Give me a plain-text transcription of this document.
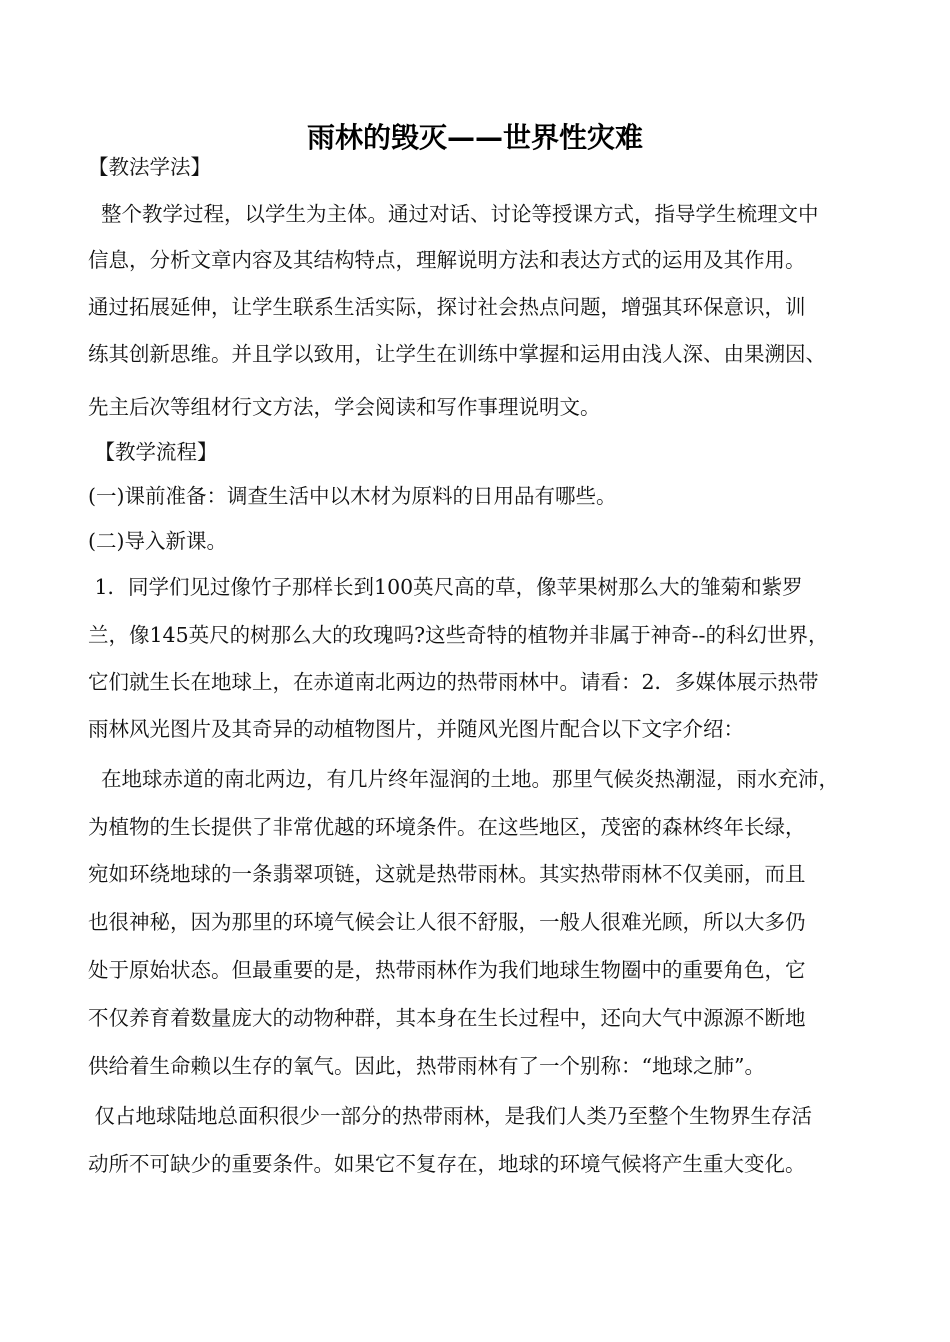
雨林的毁灭——世界性灾难
【教法学法】
整个教学过程，以学生为主体。通过对话、讨论等授课方式，指导学生梳理文中
信息，分析文章内容及其结构特点，理解说明方法和表达方式的运用及其作用。
通过拓展延伸，让学生联系生活实际，探讨社会热点问题，增强其环保意识，训
练其创新思维。并且学以致用，让学生在训练中掌握和运用由浅人深、由果溯因、
先主后次等组材行文方法，学会阅读和写作事理说明文。
【教学流程】
(一)课前准备：调查生活中以木材为原料的日用品有哪些。
(二)导入新课。
1．同学们见过像竹子那样长到100英尺高的草，像苹果树那么大的雏菊和紫罗
兰，像145英尺的树那么大的玫瑰吗?这些奇特的植物并非属于神奇--的科幻世界，
它们就生长在地球上，在赤道南北两边的热带雨林中。请看：2．多媒体展示热带
雨林风光图片及其奇异的动植物图片，并随风光图片配合以下文字介绍：
在地球赤道的南北两边，有几片终年湿润的土地。那里气候炎热潮湿，雨水充沛，
为植物的生长提供了非常优越的环境条件。在这些地区，茂密的森林终年长绿，
宛如环绕地球的一条翡翠项链，这就是热带雨林。其实热带雨林不仅美丽，而且
也很神秘，因为那里的环境气候会让人很不舒服，一般人很难光顾，所以大多仍
处于原始状态。但最重要的是，热带雨林作为我们地球生物圈中的重要角色，它
不仅养育着数量庞大的动物种群，其本身在生长过程中，还向大气中源源不断地
供给着生命赖以生存的氧气。因此，热带雨林有了一个别称：“地球之肺”。
仅占地球陆地总面积很少一部分的热带雨林，是我们人类乃至整个生物界生存活
动所不可缺少的重要条件。如果它不复存在，地球的环境气候将产生重大变化。
